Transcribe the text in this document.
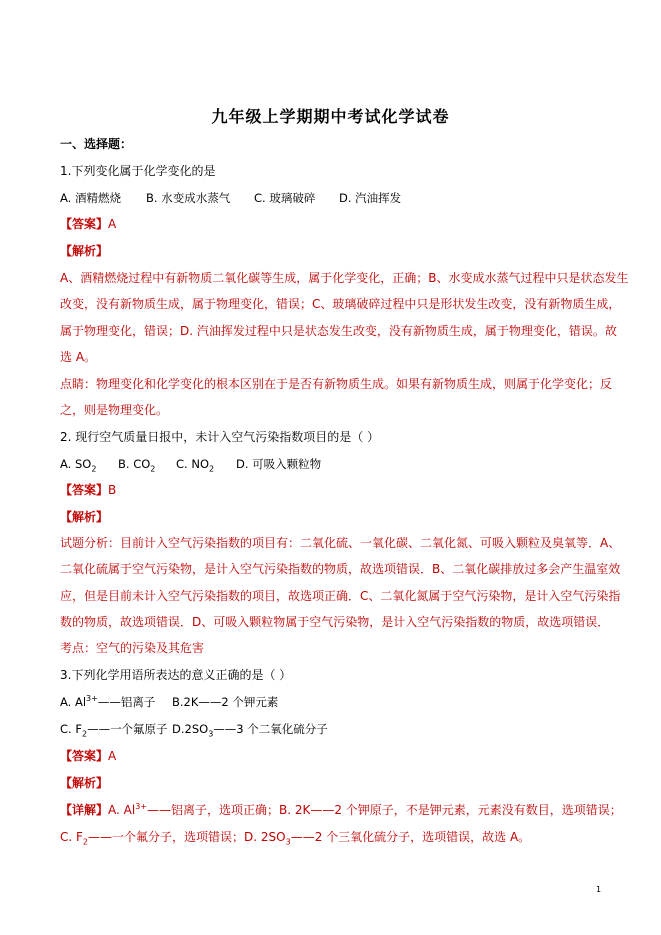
九年级上学期期中考试化学试卷
一、选择题：
1.下列变化属于化学变化的是
A. 酒精燃烧 B. 水变成水蒸气 C. 玻璃破碎 D. 汽油挥发
【答案】A
【解析】
A、酒精燃烧过程中有新物质二氧化碳等生成，属于化学变化，正确；B、水变成水蒸气过程中只是状态发生
改变，没有新物质生成，属于物理变化，错误；C、玻璃破碎过程中只是形状发生改变，没有新物质生成，
属于物理变化，错误；D. 汽油挥发过程中只是状态发生改变，没有新物质生成，属于物理变化，错误。故
选 A。
点睛：物理变化和化学变化的根本区别在于是否有新物质生成。如果有新物质生成，则属于化学变化；反
之，则是物理变化。
2. 现行空气质量日报中，未计入空气污染指数项目的是（ ）
A. $SO_2$ B. $CO_2$ C. $NO_2$ D. 可吸入颗粒物
【答案】B
【解析】
试题分析：目前计入空气污染指数的项目有：二氧化硫、一氧化碳、二氧化氮、可吸入颗粒及臭氧等．A、
二氧化硫属于空气污染物，是计入空气污染指数的物质，故选项错误．B、二氧化碳排放过多会产生温室效
应，但是目前未计入空气污染指数的项目，故选项正确．C、二氧化氮属于空气污染物，是计入空气污染指
数的物质，故选项错误．D、可吸入颗粒物属于空气污染物，是计入空气污染指数的物质，故选项错误．
考点：空气的污染及其危害
3.下列化学用语所表达的意义正确的是（ ）
A. $Al^{3+}——$铝离子 B.2K——2 个钾元素
C. $F_2——$一个氟原子 $D.2SO_3——3$ 个二氧化硫分子
【答案】A
【解析】
【详解】A. $Al^{3+}——$铝离子，选项正确；B. 2K——2 个钾原子，不是钾元素，元素没有数目，选项错误；
C. $F_2——$一个氟分子，选项错误；D. $2SO_3——2$ 个三氧化硫分子，选项错误，故选 A。
1
